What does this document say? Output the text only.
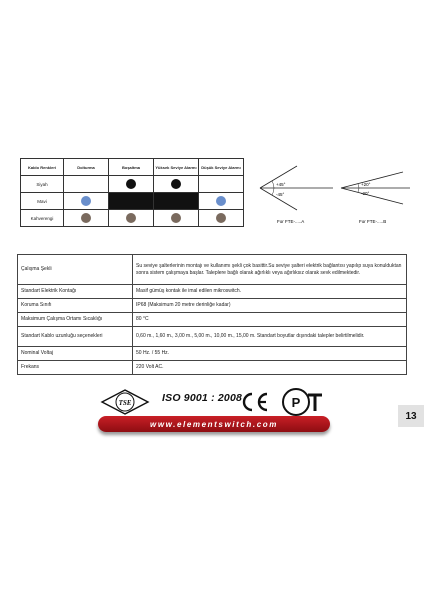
Kablo Renkleri	Dolturma	Boşaltma	Yüksek Seviye Alarmı	Düşük Seviye Alarmı
Siyah				
Mavi				
Kahverengi				
+45°
-45°
For FTE-.....A
+20°
-20°
For FTE-.....B
Çalışma Şekli	Su seviye şalterlerinin montajı ve kullanımı şekli çok basittir.Su seviye şalteri elektrik bağlantısı yapılıp suya konulduktan sonra sistem çalışmaya başlar. Taleplere bağlı olarak ağırlıklı veya ağırlıksız olarak sevk edilmektedir.
Standart Elektrik Kontağı	Masif gümüş kontak ile imal edilen mikroswitch.
Koruma Sınıfı	IP68 (Maksimum 20 metre derinliğe kadar)
Maksimum Çalışma Ortamı Sıcaklığı	80 °C
Standart Kablo uzunluğu seçenekleri	0,60 m., 1,60 m., 3,00 m., 5,00 m., 10,00 m., 15,00 m. Standart boyutlar dışındaki talepler belirtilmelidir.
Nominal Voltaj	50 Hz. / 55 Hz.
Frekans	220 Volt AC.
TSE	ISO 9001 : 2008	P
13
www.elementswitch.com
